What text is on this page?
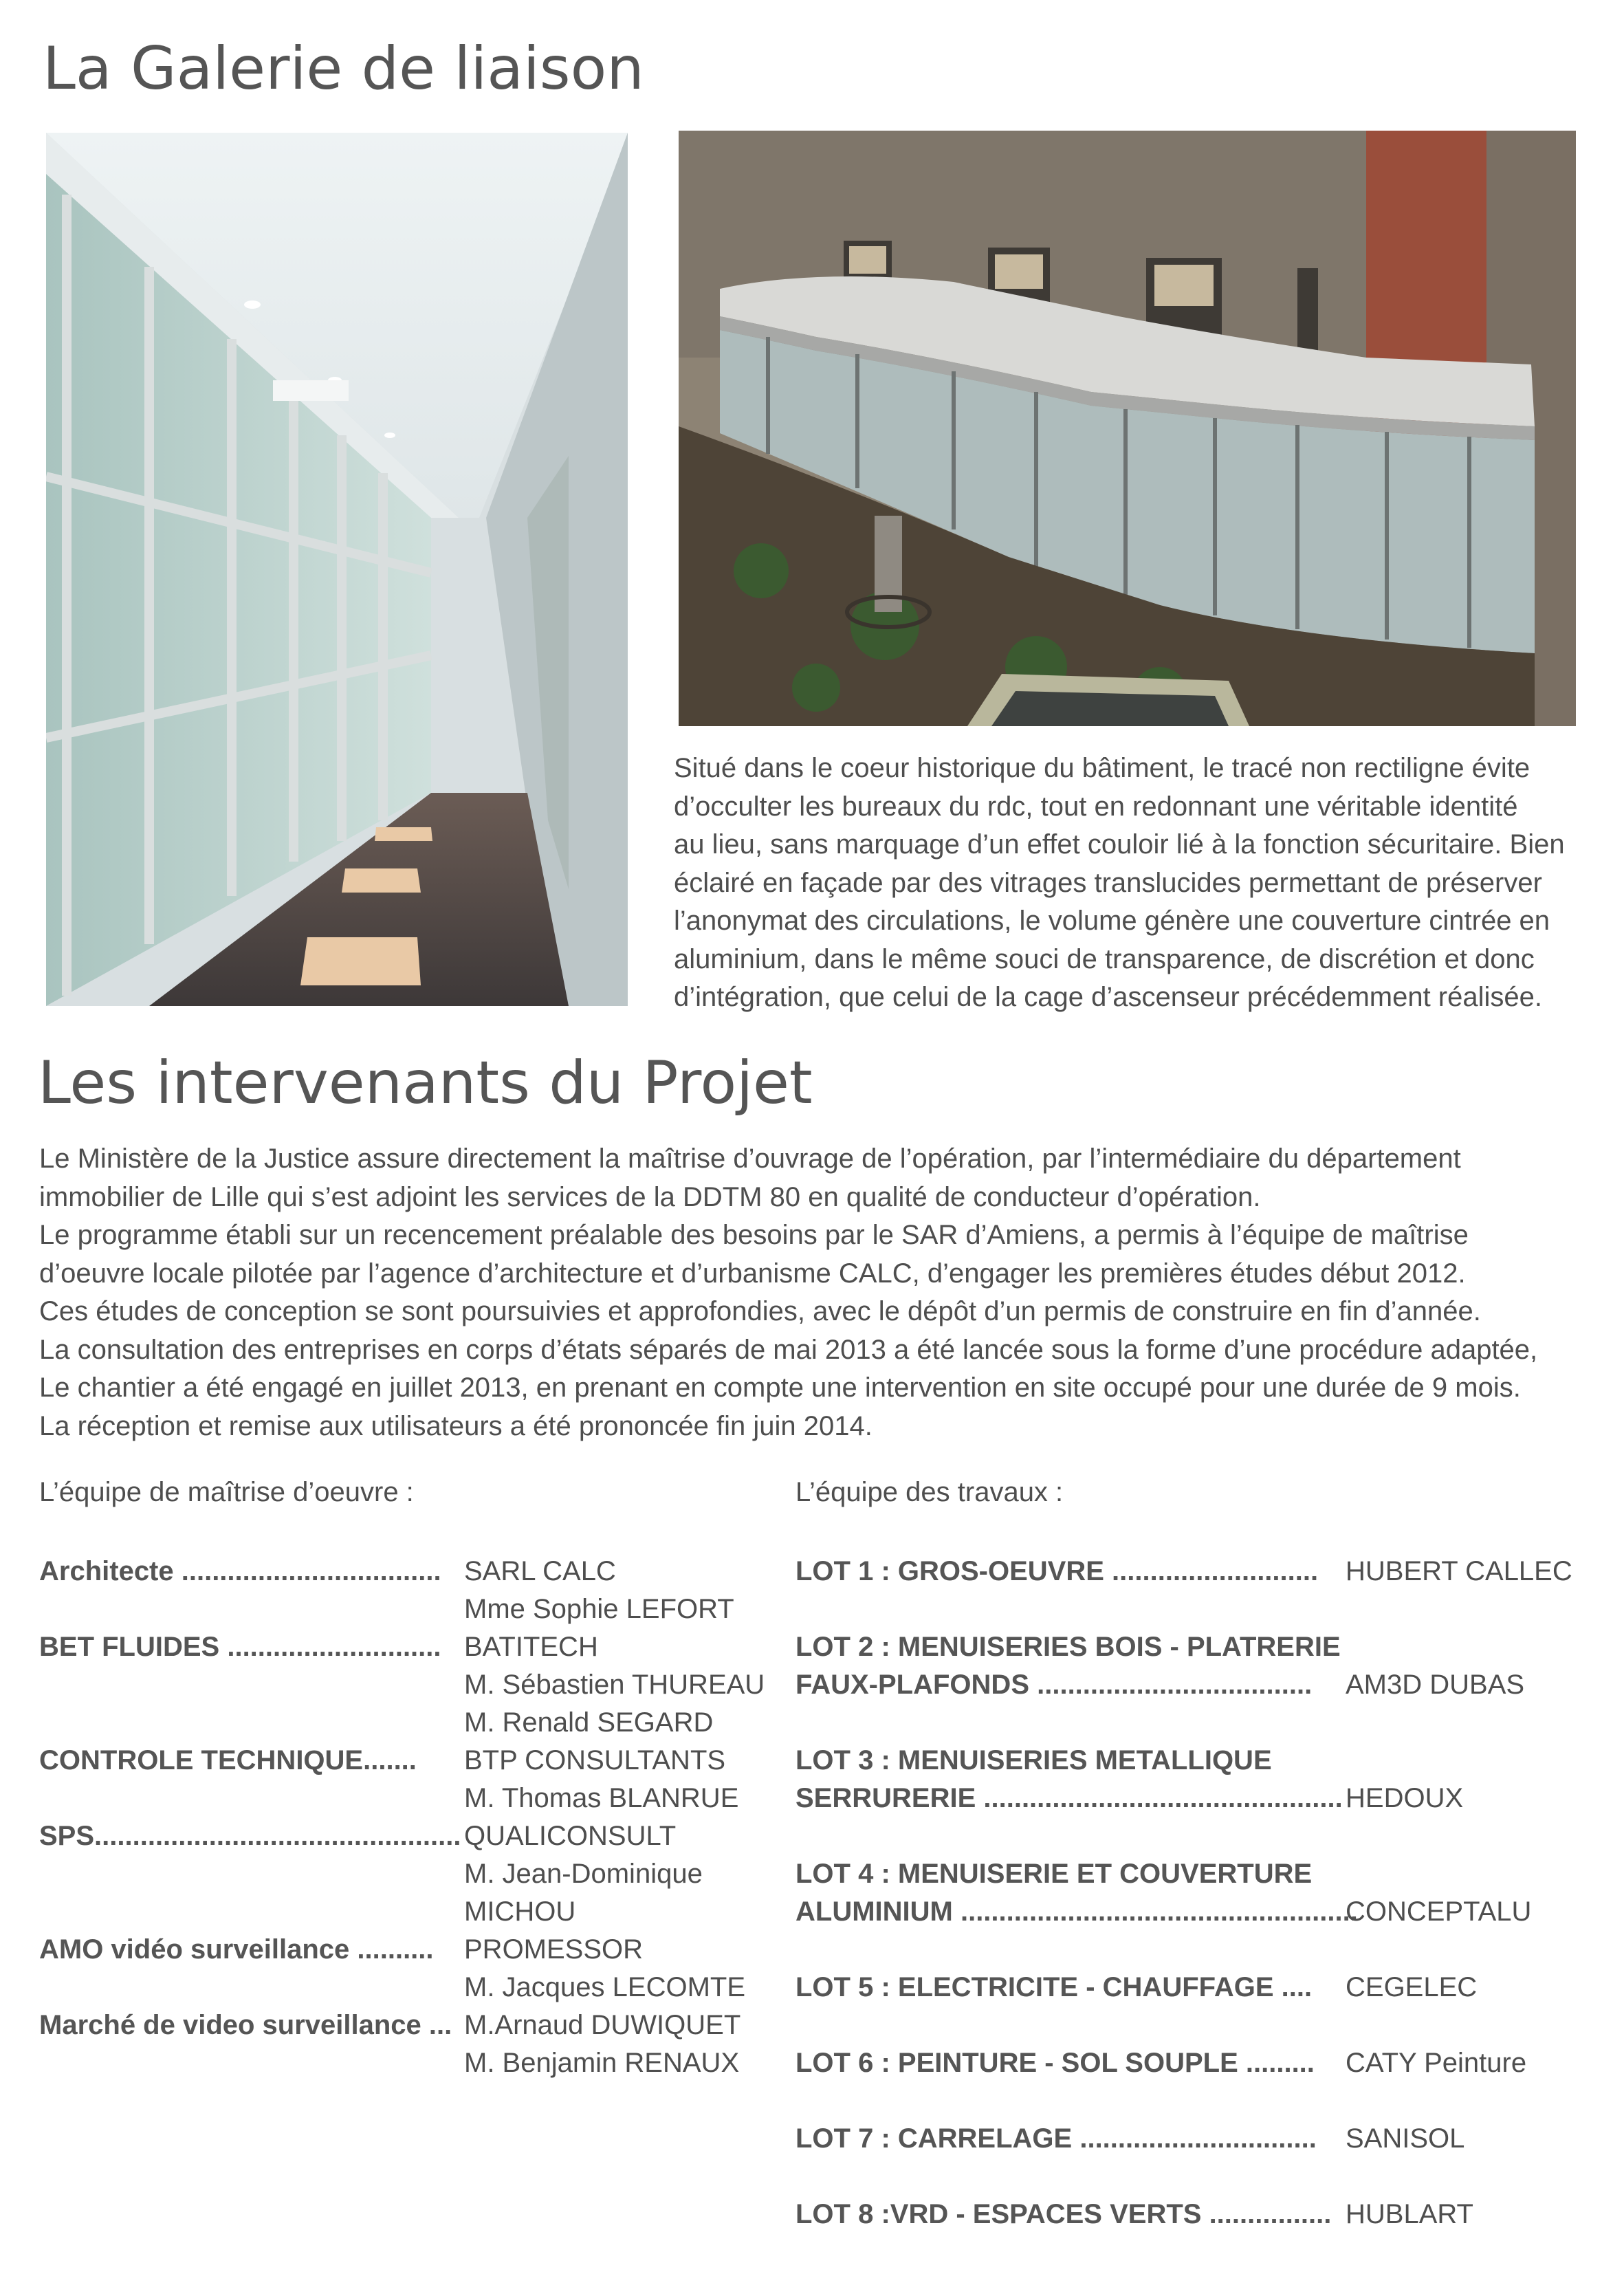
La Galerie de liaison

Situé dans le coeur historique du bâtiment, le tracé non rectiligne évite
d’occulter les bureaux du rdc, tout en redonnant une véritable identité
au lieu, sans marquage d’un effet couloir lié à la fonction sécuritaire. Bien
éclairé en façade par des vitrages translucides permettant de préserver
l’anonymat des circulations, le volume génère une couverture cintrée en
aluminium, dans le même souci de transparence, de discrétion et donc
d’intégration, que celui de la cage d’ascenseur précédemment réalisée.

Les intervenants du Projet

Le Ministère de la Justice assure directement la maîtrise d’ouvrage de l’opération, par l’intermédiaire du département
immobilier de Lille qui s’est adjoint les services de la DDTM 80 en qualité de conducteur d’opération.
Le programme établi sur un recencement préalable des besoins par le SAR d’Amiens, a permis à l’équipe de maîtrise
d’oeuvre locale pilotée par l’agence d’architecture et d’urbanisme CALC, d’engager les premières études début 2012.
Ces études de conception se sont poursuivies et approfondies, avec le dépôt d’un permis de construire en fin d’année.
La consultation des entreprises en corps d’états séparés de mai 2013 a été lancée sous la forme d’une procédure adaptée,
Le chantier a été engagé en juillet 2013, en prenant en compte une intervention en site occupé pour une durée de 9 mois.
La réception et remise aux utilisateurs a été prononcée fin juin 2014.

L’équipe de maîtrise d’oeuvre :	L’équipe des travaux :
Architecte .................................. SARL CALC
Mme Sophie LEFORT
BET FLUIDES ............................ BATITECH
M. Sébastien THUREAU
M. Renald SEGARD
CONTROLE TECHNIQUE....... BTP CONSULTANTS
M. Thomas BLANRUE
SPS................................................ QUALICONSULT
M. Jean-Dominique
MICHOU
AMO vidéo surveillance .......... PROMESSOR
M. Jacques LECOMTE
Marché de video surveillance ... M.Arnaud DUWIQUET
M. Benjamin RENAUX
LOT 1 : GROS-OEUVRE ........................... HUBERT CALLEC
LOT 2 : MENUISERIES BOIS - PLATRERIE
FAUX-PLAFONDS .................................... AM3D DUBAS
LOT 3 : MENUISERIES METALLIQUE
SERRURERIE ............................................... HEDOUX
LOT 4 : MENUISERIE ET COUVERTURE
ALUMINIUM ....................................................
CONCEPTALU
LOT 5 : ELECTRICITE - CHAUFFAGE .... CEGELEC
LOT 6 : PEINTURE - SOL SOUPLE ......... CATY Peinture
LOT 7 : CARRELAGE ............................... SANISOL
LOT 8 :VRD - ESPACES VERTS ................ HUBLART
